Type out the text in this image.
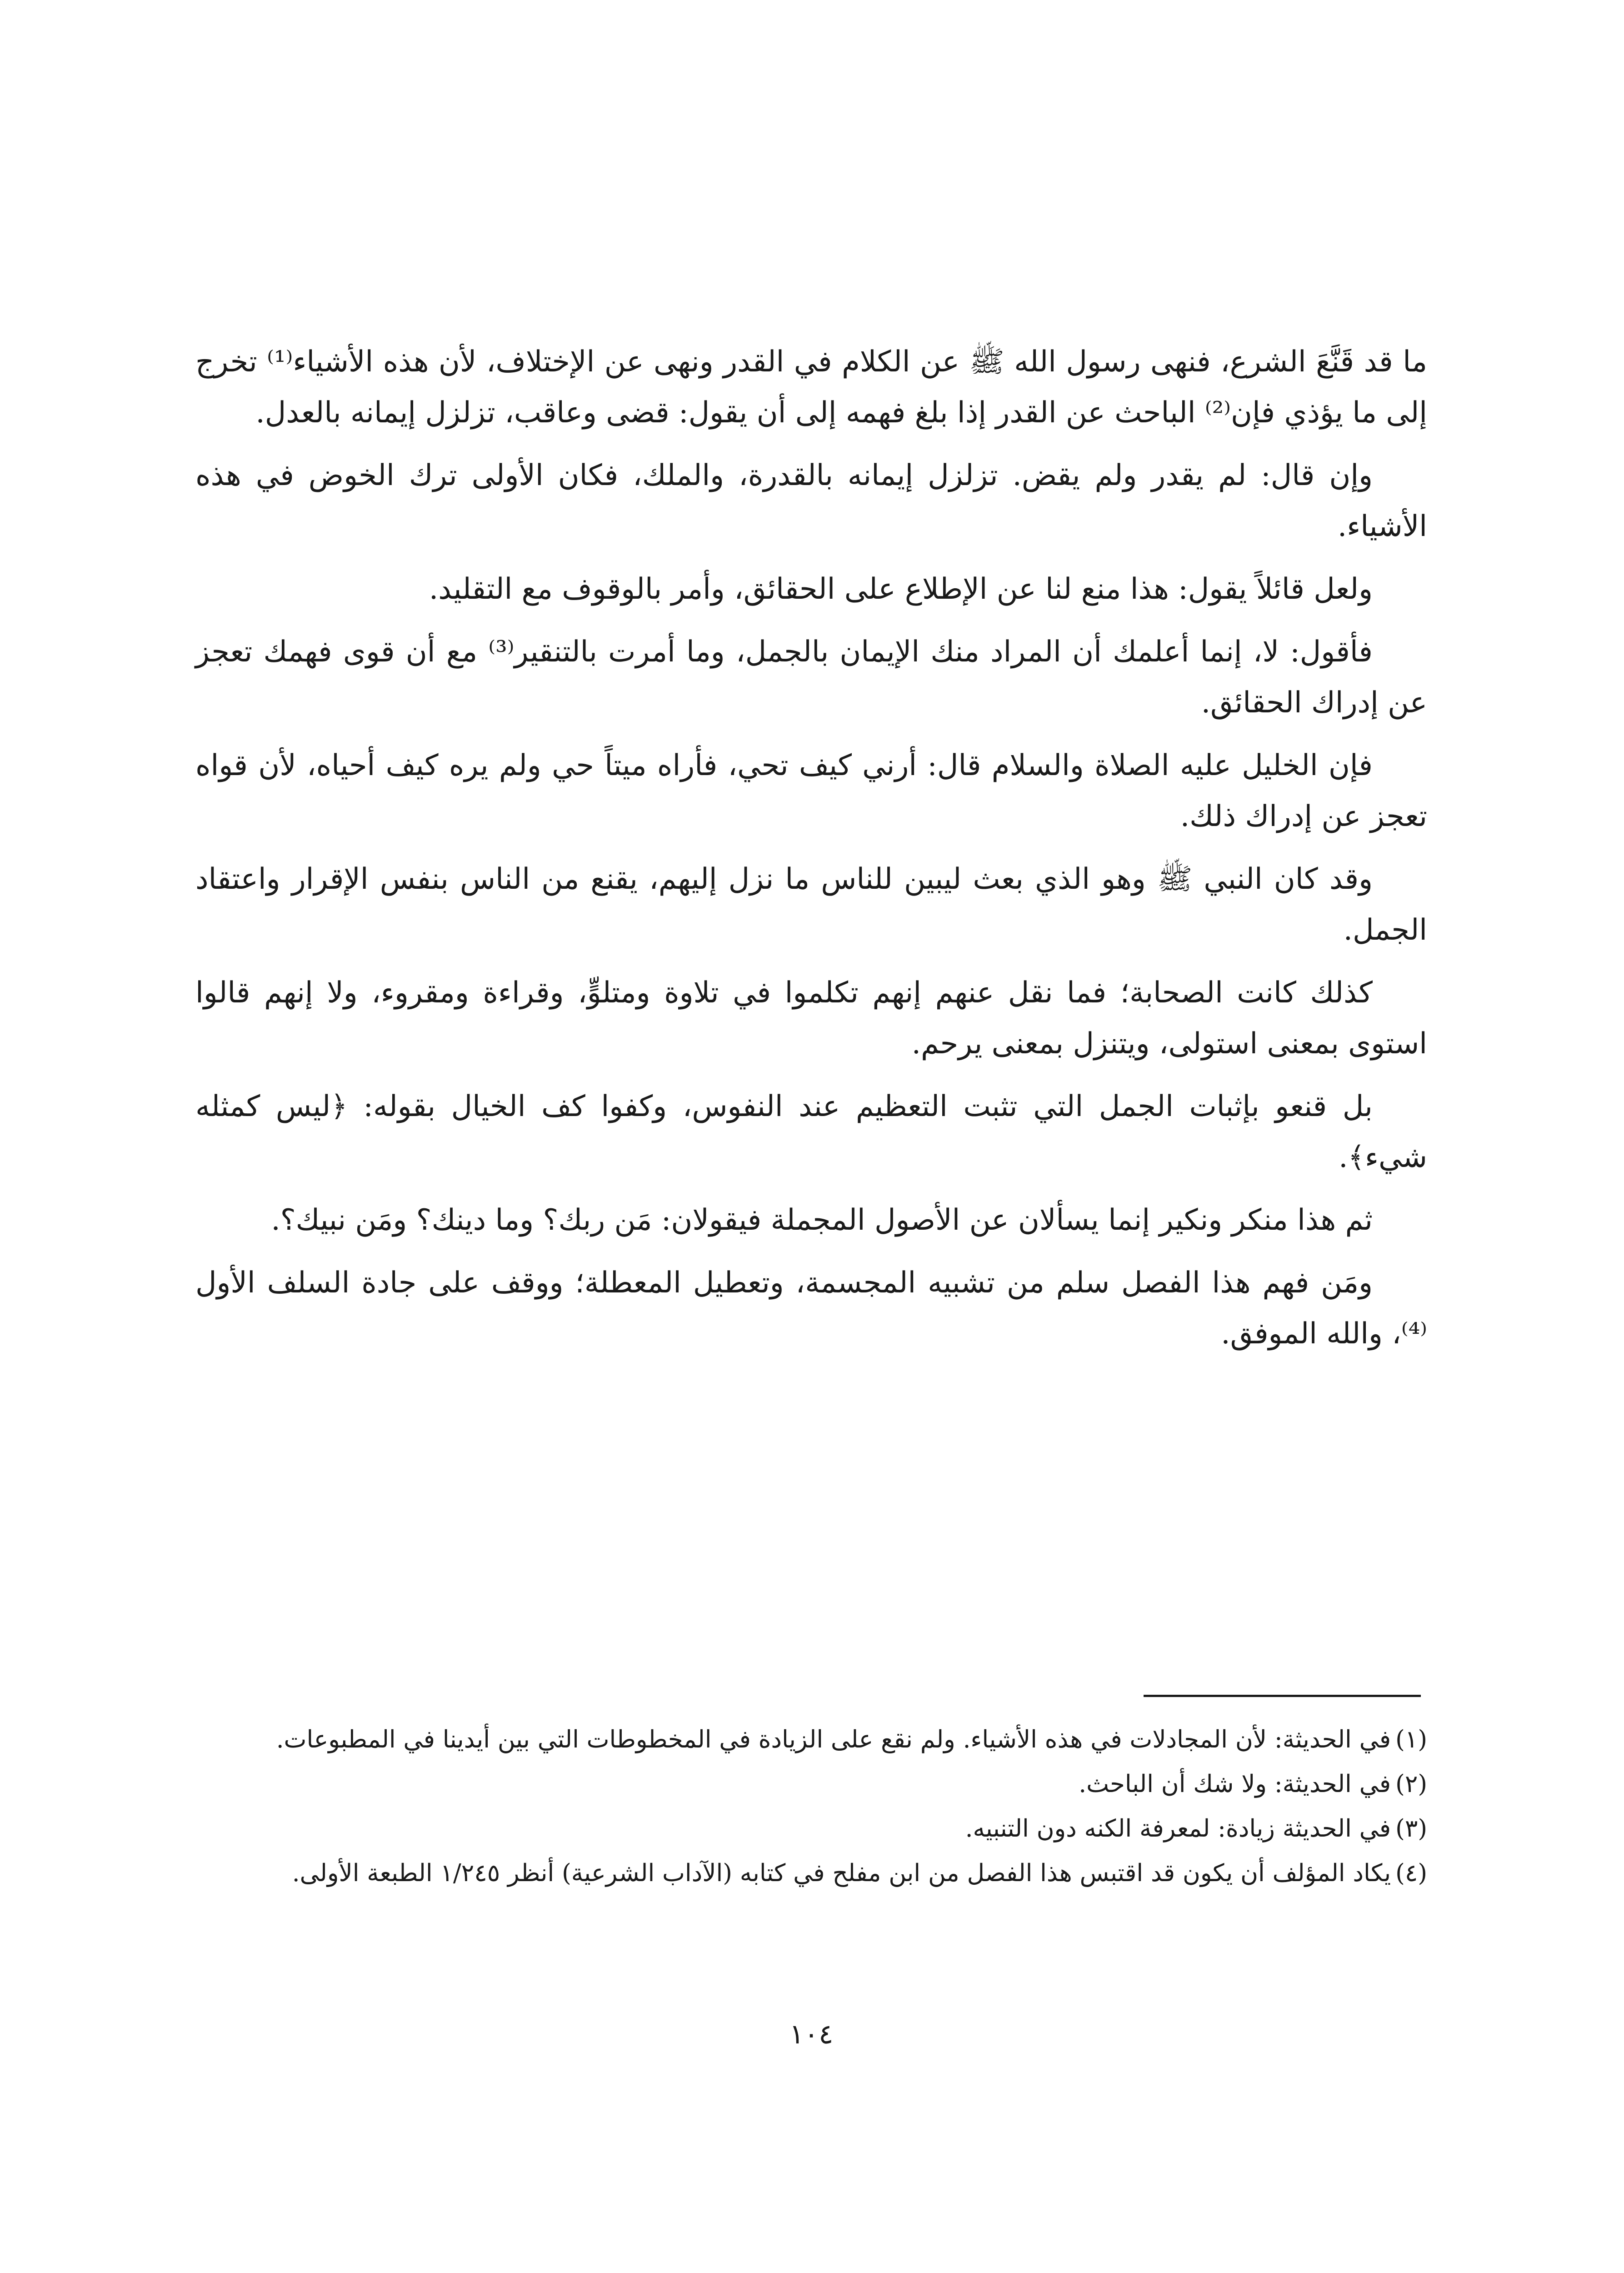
ما قد قَنَّعَ الشرع، فنهى رسول الله ﷺ عن الكلام في القدر ونهى عن الإختلاف، لأن هذه الأشياء⁽¹⁾ تخرج إلى ما يؤذي فإن⁽²⁾ الباحث عن القدر إذا بلغ فهمه إلى أن يقول: قضى وعاقب، تزلزل إيمانه بالعدل.

وإن قال: لم يقدر ولم يقض. تزلزل إيمانه بالقدرة، والملك، فكان الأولى ترك الخوض في هذه الأشياء.

ولعل قائلاً يقول: هذا منع لنا عن الإطلاع على الحقائق، وأمر بالوقوف مع التقليد.

فأقول: لا، إنما أعلمك أن المراد منك الإيمان بالجمل، وما أمرت بالتنقير⁽³⁾ مع أن قوى فهمك تعجز عن إدراك الحقائق.

فإن الخليل عليه الصلاة والسلام قال: أرني كيف تحي، فأراه ميتاً حي ولم يره كيف أحياه، لأن قواه تعجز عن إدراك ذلك.

وقد كان النبي ﷺ وهو الذي بعث ليبين للناس ما نزل إليهم، يقنع من الناس بنفس الإقرار واعتقاد الجمل.

كذلك كانت الصحابة؛ فما نقل عنهم إنهم تكلموا في تلاوة ومتلوٍّ، وقراءة ومقروء، ولا إنهم قالوا استوى بمعنى استولى، ويتنزل بمعنى يرحم.

بل قنعو بإثبات الجمل التي تثبت التعظيم عند النفوس، وكفوا كف الخيال بقوله: ﴿ليس كمثله شيء﴾.

ثم هذا منكر ونكير إنما يسألان عن الأصول المجملة فيقولان: مَن ربك؟ وما دينك؟ ومَن نبيك؟.

ومَن فهم هذا الفصل سلم من تشبيه المجسمة، وتعطيل المعطلة؛ ووقف على جادة السلف الأول ⁽⁴⁾، والله الموفق.

(١)في الحديثة: لأن المجادلات في هذه الأشياء. ولم نقع على الزيادة في المخطوطات التي بين أيدينا في المطبوعات.

(٢)في الحديثة: ولا شك أن الباحث.

(٣)في الحديثة زيادة: لمعرفة الكنه دون التنبيه.

(٤)يكاد المؤلف أن يكون قد اقتبس هذا الفصل من ابن مفلح في كتابه (الآداب الشرعية) أنظر ١/٢٤٥ الطبعة الأولى.

١٠٤
